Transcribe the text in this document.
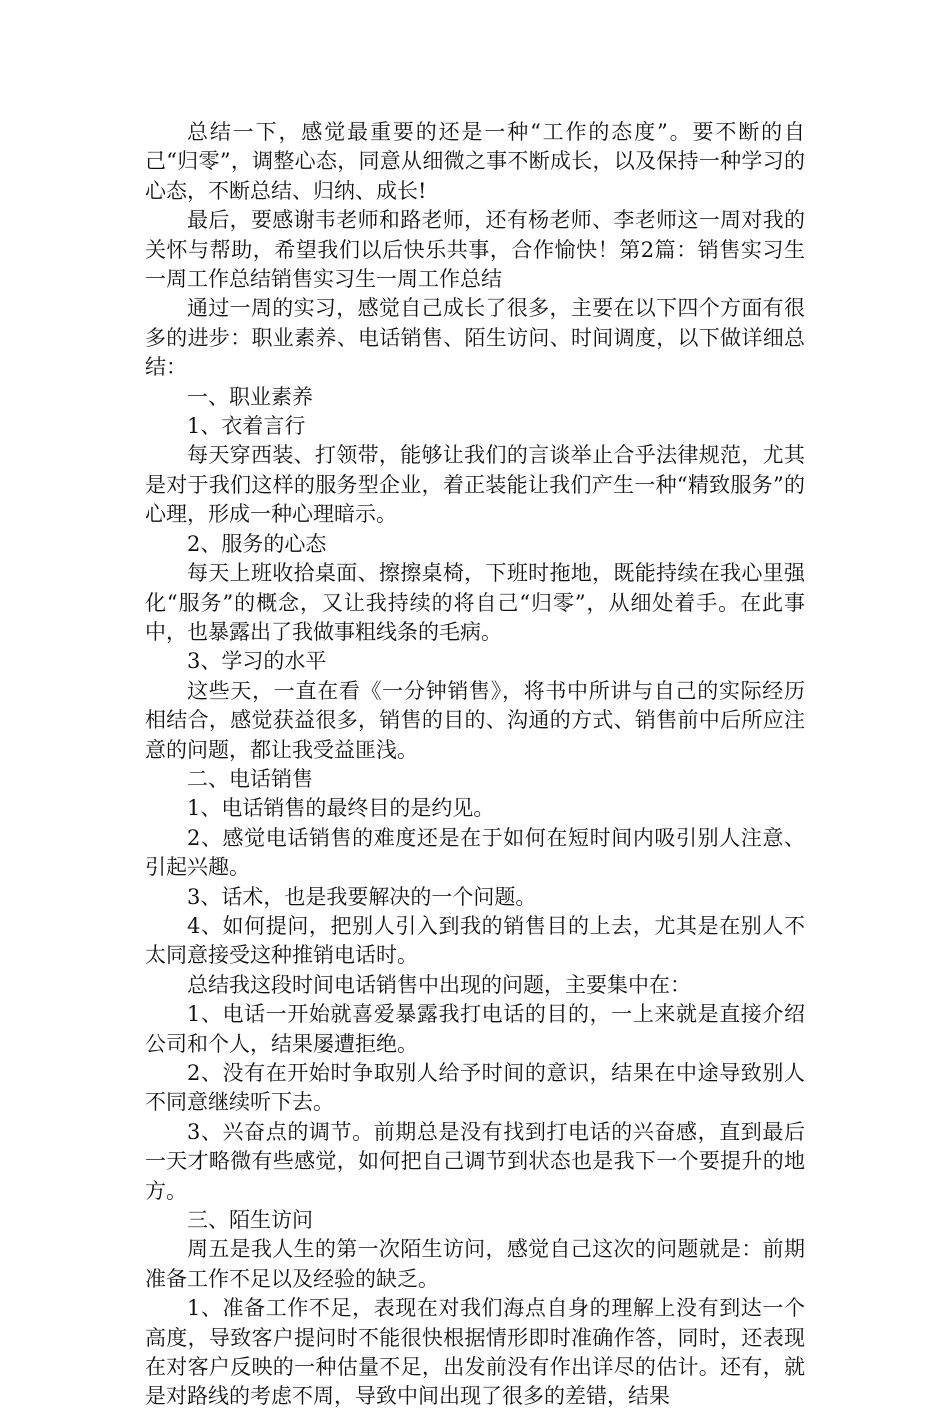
总结一下，感觉最重要的还是一种“工作的态度”。要不断的自己“归零”，调整心态，同意从细微之事不断成长，以及保持一种学习的心态，不断总结、归纳、成长!

最后，要感谢韦老师和路老师，还有杨老师、李老师这一周对我的关怀与帮助，希望我们以后快乐共事，合作愉快！第2篇：销售实习生一周工作总结销售实习生一周工作总结

通过一周的实习，感觉自己成长了很多，主要在以下四个方面有很多的进步：职业素养、电话销售、陌生访问、时间调度，以下做详细总结：

一、职业素养

1、衣着言行

每天穿西装、打领带，能够让我们的言谈举止合乎法律规范，尤其是对于我们这样的服务型企业，着正装能让我们产生一种“精致服务”的心理，形成一种心理暗示。

2、服务的心态

每天上班收拾桌面、擦擦桌椅，下班时拖地，既能持续在我心里强化“服务”的概念，又让我持续的将自己“归零”，从细处着手。在此事中，也暴露出了我做事粗线条的毛病。

3、学习的水平

这些天，一直在看《一分钟销售》，将书中所讲与自己的实际经历相结合，感觉获益很多，销售的目的、沟通的方式、销售前中后所应注意的问题，都让我受益匪浅。

二、电话销售

1、电话销售的最终目的是约见。

2、感觉电话销售的难度还是在于如何在短时间内吸引别人注意、引起兴趣。

3、话术，也是我要解决的一个问题。

4、如何提问，把别人引入到我的销售目的上去，尤其是在别人不太同意接受这种推销电话时。

总结我这段时间电话销售中出现的问题，主要集中在：

1、电话一开始就喜爱暴露我打电话的目的，一上来就是直接介绍公司和个人，结果屡遭拒绝。

2、没有在开始时争取别人给予时间的意识，结果在中途导致别人不同意继续听下去。

3、兴奋点的调节。前期总是没有找到打电话的兴奋感，直到最后一天才略微有些感觉，如何把自己调节到状态也是我下一个要提升的地方。

三、陌生访问

周五是我人生的第一次陌生访问，感觉自己这次的问题就是：前期准备工作不足以及经验的缺乏。

1、准备工作不足，表现在对我们海点自身的理解上没有到达一个高度，导致客户提问时不能很快根据情形即时准确作答，同时，还表现在对客户反映的一种估量不足，出发前没有作出详尽的估计。还有，就是对路线的考虑不周，导致中间出现了很多的差错，结果
